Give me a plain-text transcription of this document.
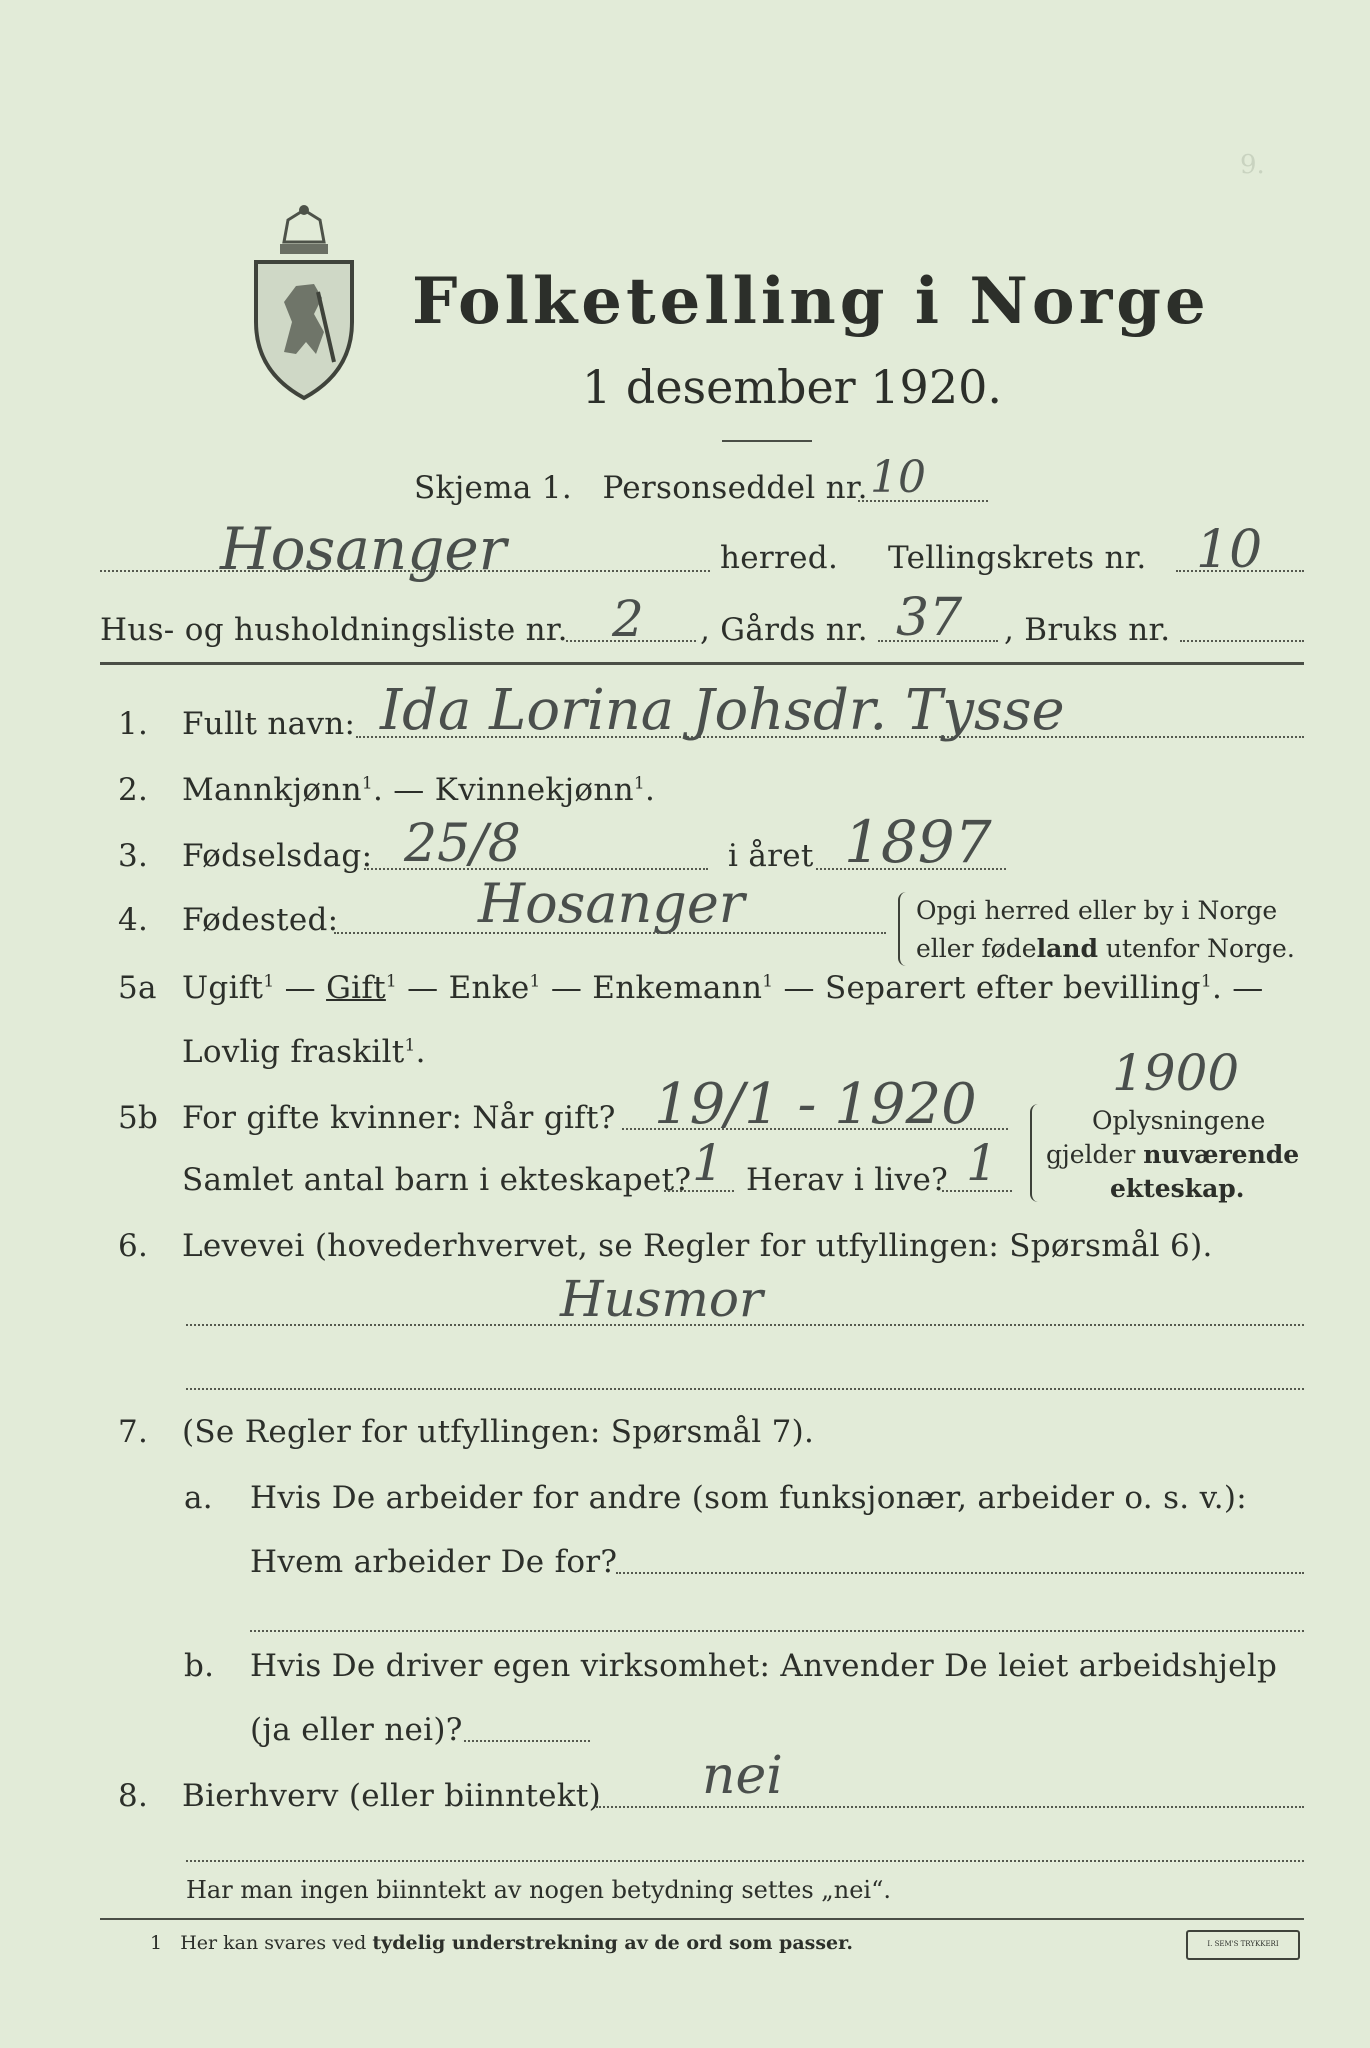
Folketelling i Norge
1 desember 1920.
9.
Skjema 1. Personseddel nr. 10
Hosanger	herred. Tellingskrets nr. 10
Hus- og husholdningsliste nr. 2 , Gårds nr. 37 , Bruks nr.
1. Fullt navn: Ida Lorina Johsdr. Tysse
2. Mannkjønn$^1$. — Kvinnekjønn$^1$.
3. Fødselsdag: 25/8	i året 1897
4. Fødested:	Hosanger	Opgi herred eller by i Norge
eller fødeland utenfor Norge.
5a Ugift$^1$ — Gift$^1$ — Enke$^1$ — Enkemann$^1$ — Separert efter bevilling$^1$. —
Lovlig fraskilt$^1$.	1900
5b For gifte kvinner: Når gift? 19/1 - 1920
Samlet antal barn i ekteskapet? 1 Herav i live? 1
Oplysningene
gjelder nuværende
ekteskap.
6. Levevei (hovederhvervet, se Regler for utfyllingen: Spørsmål 6).
Husmor
7. (Se Regler for utfyllingen: Spørsmål 7).
a. Hvis De arbeider for andre (som funksjonær, arbeider o. s. v.):
Hvem arbeider De for?
b. Hvis De driver egen virksomhet: Anvender De leiet arbeidshjelp
(ja eller nei)?
8. Bierhverv (eller biinntekt) nei
Har man ingen biinntekt av nogen betydning settes „nei“.
1 Her kan svares ved tydelig understrekning av de ord som passer.	I. SEM'S TRYKKERI
